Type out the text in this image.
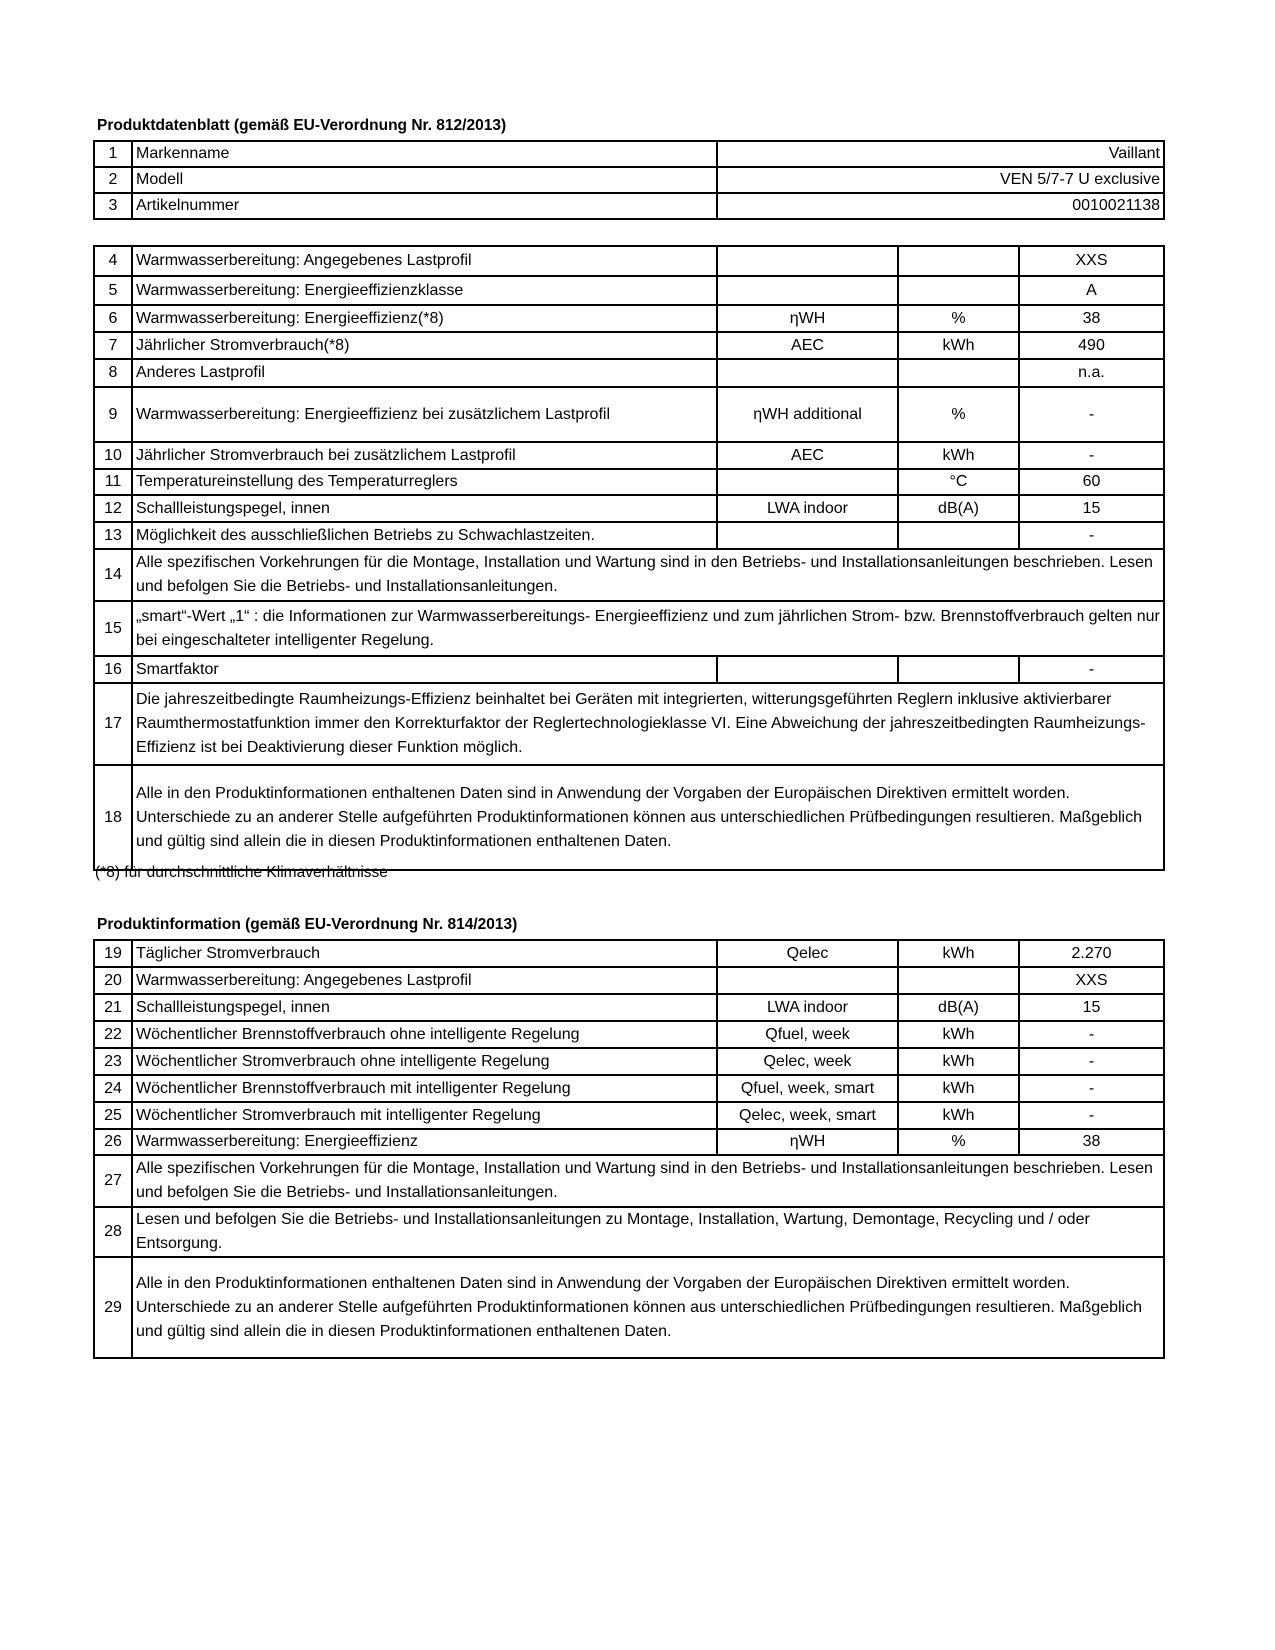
Produktdatenblatt (gemäß EU-Verordnung Nr. 812/2013)
1	Markenname	Vaillant
2	Modell	VEN 5/7-7 U exclusive
3	Artikelnummer	0010021138
4	Warmwasserbereitung: Angegebenes Lastprofil			XXS
5	Warmwasserbereitung: Energieeffizienzklasse			A
6	Warmwasserbereitung: Energieeffizienz(*8)	ηWH	%	38
7	Jährlicher Stromverbrauch(*8)	AEC	kWh	490
8	Anderes Lastprofil			n.a.
9	Warmwasserbereitung: Energieeffizienz bei zusätzlichem Lastprofil	ηWH additional	%	-
10	Jährlicher Stromverbrauch bei zusätzlichem Lastprofil	AEC	kWh	-
11	Temperatureinstellung des Temperaturreglers		°C	60
12	Schallleistungspegel, innen	LWA indoor	dB(A)	15
13	Möglichkeit des ausschließlichen Betriebs zu Schwachlastzeiten.			-
14	Alle spezifischen Vorkehrungen für die Montage, Installation und Wartung sind in den Betriebs- und Installationsanleitungen beschrieben. Lesen und befolgen Sie die Betriebs- und Installationsanleitungen.			
15	„smart“-Wert „1“ : die Informationen zur Warmwasserbereitungs- Energieeffizienz und zum jährlichen Strom- bzw. Brennstoffverbrauch gelten nur bei eingeschalteter intelligenter Regelung.			
16	Smartfaktor			-
17	Die jahreszeitbedingte Raumheizungs-Effizienz beinhaltet bei Geräten mit integrierten, witterungsgeführten Reglern inklusive aktivierbarer Raumthermostatfunktion immer den Korrekturfaktor der Reglertechnologieklasse VI. Eine Abweichung der jahreszeitbedingten Raumheizungs-Effizienz ist bei Deaktivierung dieser Funktion möglich.			
18	Alle in den Produktinformationen enthaltenen Daten sind in Anwendung der Vorgaben der Europäischen Direktiven ermittelt worden. Unterschiede zu an anderer Stelle aufgeführten Produktinformationen können aus unterschiedlichen Prüfbedingungen resultieren. Maßgeblich und gültig sind allein die in diesen Produktinformationen enthaltenen Daten.			
(*8) für durchschnittliche Klimaverhältnisse
Produktinformation (gemäß EU-Verordnung Nr. 814/2013)
19	Täglicher Stromverbrauch	Qelec	kWh	2.270
20	Warmwasserbereitung: Angegebenes Lastprofil			XXS
21	Schallleistungspegel, innen	LWA indoor	dB(A)	15
22	Wöchentlicher Brennstoffverbrauch ohne intelligente Regelung	Qfuel, week	kWh	-
23	Wöchentlicher Stromverbrauch ohne intelligente Regelung	Qelec, week	kWh	-
24	Wöchentlicher Brennstoffverbrauch mit intelligenter Regelung	Qfuel, week, smart	kWh	-
25	Wöchentlicher Stromverbrauch mit intelligenter Regelung	Qelec, week, smart	kWh	-
26	Warmwasserbereitung: Energieeffizienz	ηWH	%	38
27	Alle spezifischen Vorkehrungen für die Montage, Installation und Wartung sind in den Betriebs- und Installationsanleitungen beschrieben. Lesen und befolgen Sie die Betriebs- und Installationsanleitungen.			
28	Lesen und befolgen Sie die Betriebs- und Installationsanleitungen zu Montage, Installation, Wartung, Demontage, Recycling und / oder Entsorgung.			
29	Alle in den Produktinformationen enthaltenen Daten sind in Anwendung der Vorgaben der Europäischen Direktiven ermittelt worden. Unterschiede zu an anderer Stelle aufgeführten Produktinformationen können aus unterschiedlichen Prüfbedingungen resultieren. Maßgeblich und gültig sind allein die in diesen Produktinformationen enthaltenen Daten.			
